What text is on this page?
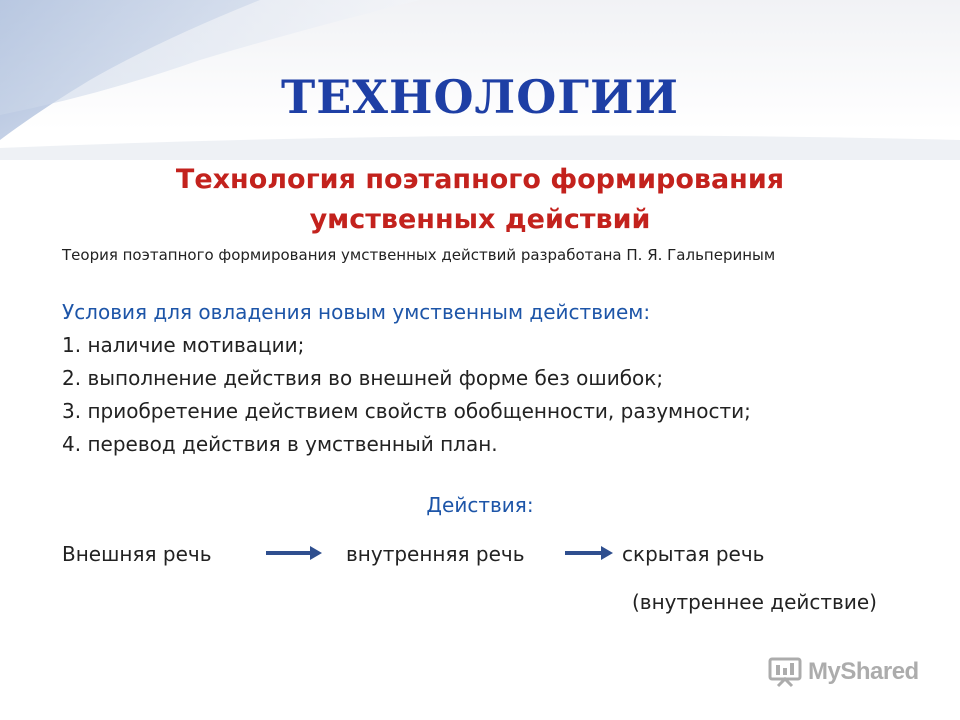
ТЕХНОЛОГИИ
Технология поэтапного формирования
умственных действий

Теория поэтапного формирования умственных действий разработана П. Я. Гальпериным

Условия для овладения новым умственным действием:
1. наличие мотивации;
2. выполнение действия во внешней форме без ошибок;
3. приобретение действием свойств обобщенности, разумности;
4. перевод действия в умственный план.

Действия:

Внешняя речь	внутренняя речь	скрытая речь
(внутреннее действие)
MyShared
